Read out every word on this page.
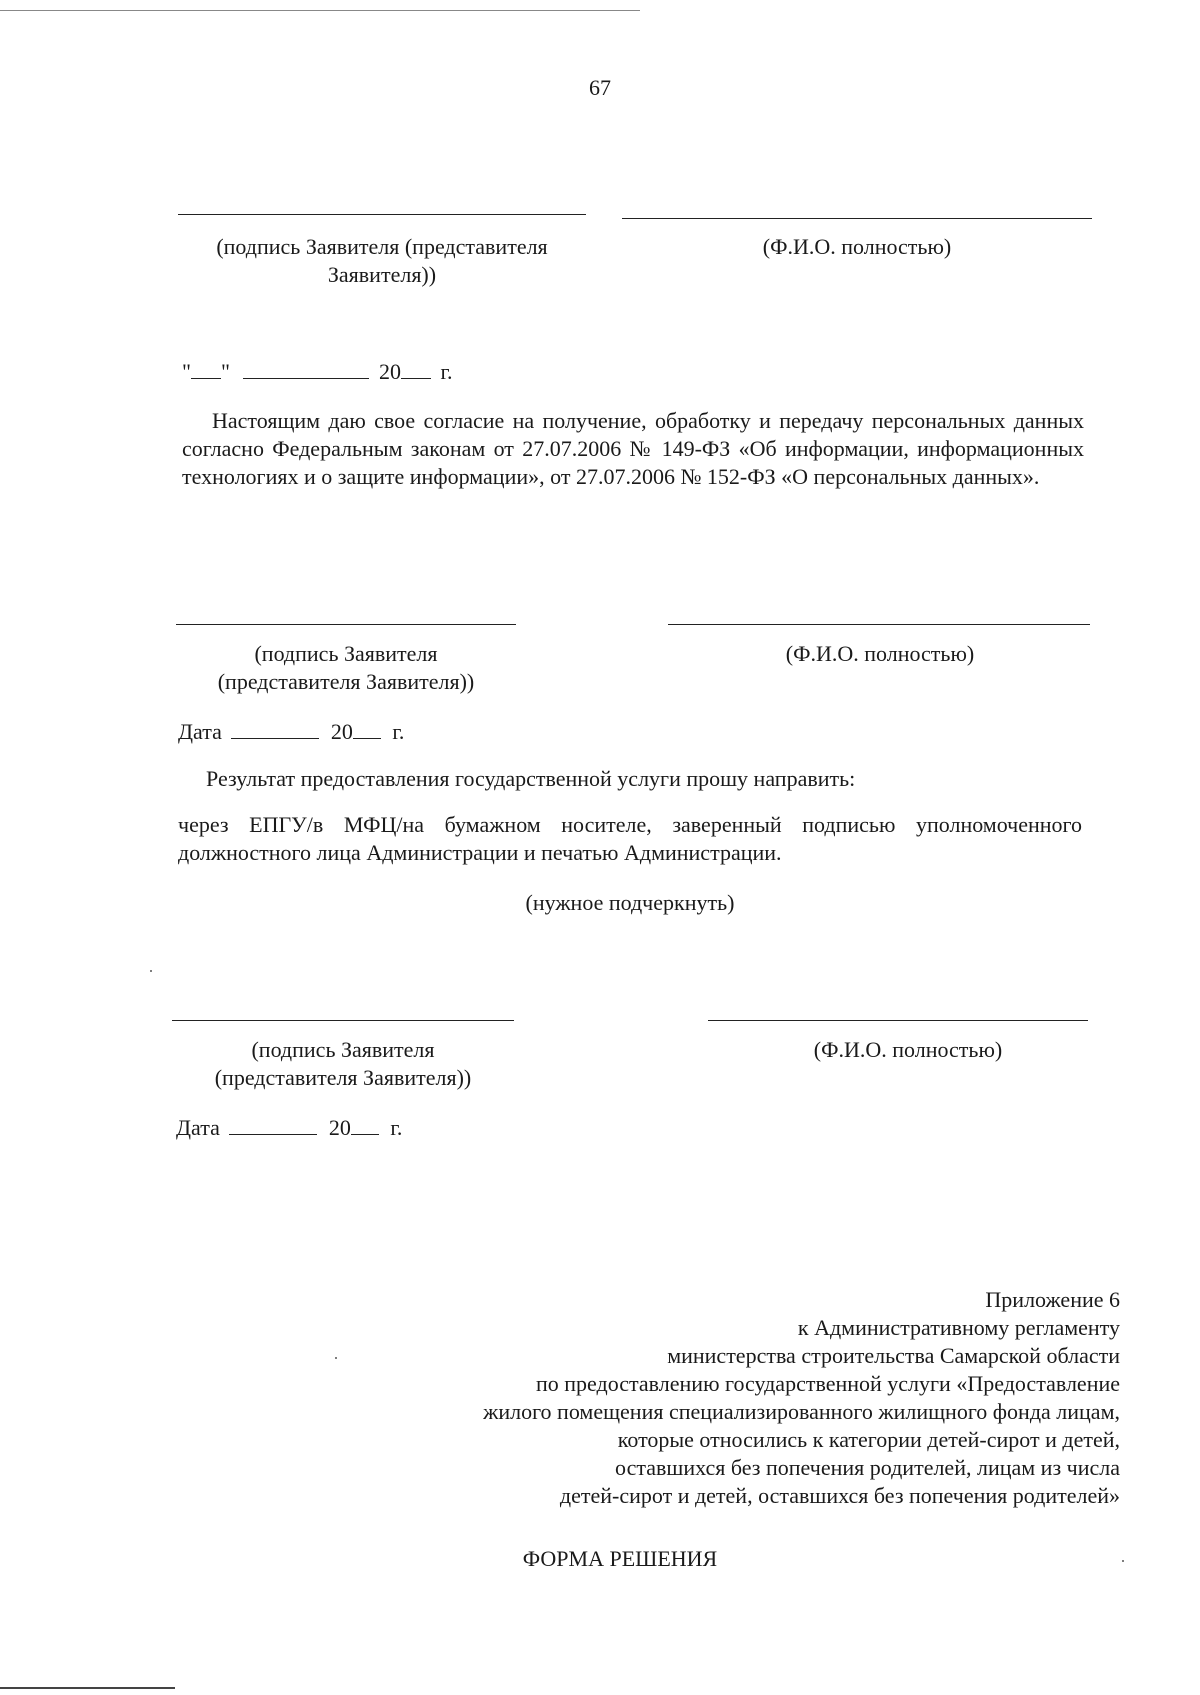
67
(подпись Заявителя (представителя
Заявителя))
(Ф.И.О. полностью)
" "	20 г.
Настоящим даю свое согласие на получение, обработку и передачу персональных данных согласно Федеральным законам от 27.07.2006 № 149-ФЗ «Об информации, информационных технологиях и о защите информации», от 27.07.2006 № 152-ФЗ «О персональных данных».
(подпись Заявителя
(представителя Заявителя))
(Ф.И.О. полностью)
Дата	20 г.
Результат предоставления государственной услуги прошу направить:
через ЕПГУ/в МФЦ/на бумажном носителе, заверенный подписью уполномоченного должностного лица Администрации и печатью Администрации.
(нужное подчеркнуть)
(подпись Заявителя
(представителя Заявителя))
(Ф.И.О. полностью)
Дата	20 г.
Приложение 6
к Административному регламенту
министерства строительства Самарской области
по предоставлению государственной услуги «Предоставление
жилого помещения специализированного жилищного фонда лицам,
которые относились к категории детей-сирот и детей,
оставшихся без попечения родителей, лицам из числа
детей-сирот и детей, оставшихся без попечения родителей»
ФОРМА РЕШЕНИЯ
